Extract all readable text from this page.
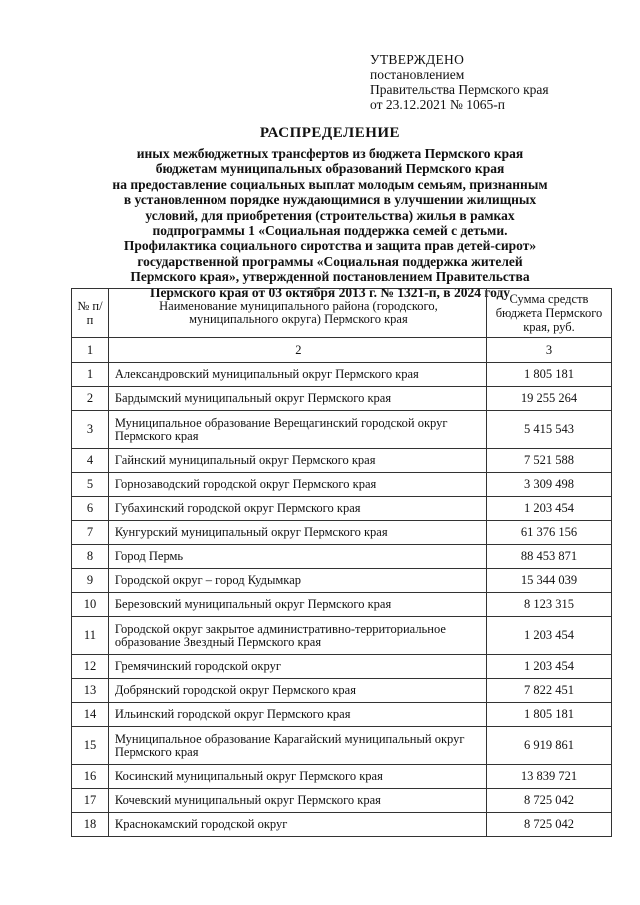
УТВЕРЖДЕНО
постановлением
Правительства Пермского края
от 23.12.2021 № 1065-п
РАСПРЕДЕЛЕНИЕ
иных межбюджетных трансфертов из бюджета Пермского края
бюджетам муниципальных образований Пермского края
на предоставление социальных выплат молодым семьям, признанным
в установленном порядке нуждающимися в улучшении жилищных
условий, для приобретения (строительства) жилья в рамках
подпрограммы 1 «Социальная поддержка семей с детьми.
Профилактика социального сиротства и защита прав детей-сирот»
государственной программы «Социальная поддержка жителей
Пермского края», утвержденной постановлением Правительства
Пермского края от 03 октября 2013 г. № 1321-п, в 2024 году
№ п/п	Наименование муниципального района (городского, муниципального округа) Пермского края	Сумма средств бюджета Пермского края, руб.
1	2	3
1	Александровский муниципальный округ Пермского края	1 805 181
2	Бардымский муниципальный округ Пермского края	19 255 264
3	Муниципальное образование Верещагинский городской округ Пермского края	5 415 543
4	Гайнский муниципальный округ Пермского края	7 521 588
5	Горнозаводский городской округ Пермского края	3 309 498
6	Губахинский городской округ Пермского края	1 203 454
7	Кунгурский муниципальный округ Пермского края	61 376 156
8	Город Пермь	88 453 871
9	Городской округ – город Кудымкар	15 344 039
10	Березовский муниципальный округ Пермского края	8 123 315
11	Городской округ закрытое административно-территориальное образование Звездный Пермского края	1 203 454
12	Гремячинский городской округ	1 203 454
13	Добрянский городской округ Пермского края	7 822 451
14	Ильинский городской округ Пермского края	1 805 181
15	Муниципальное образование Карагайский муниципальный округ Пермского края	6 919 861
16	Косинский муниципальный округ Пермского края	13 839 721
17	Кочевский муниципальный округ Пермского края	8 725 042
18	Краснокамский городской округ	8 725 042
